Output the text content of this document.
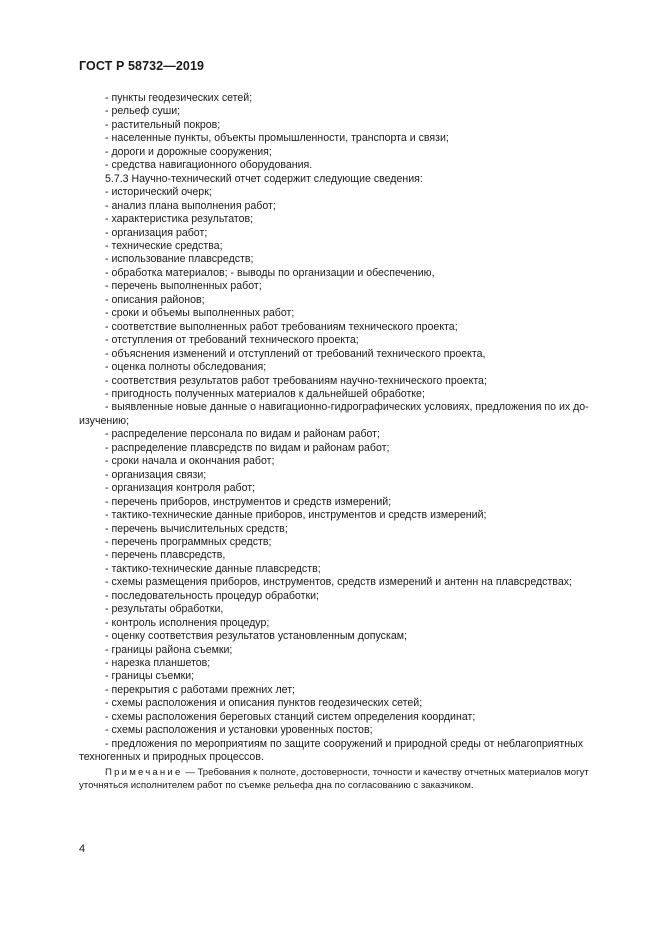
ГОСТ Р 58732—2019
- пункты геодезических сетей;
- рельеф суши;
- растительный покров;
- населенные пункты, объекты промышленности, транспорта и связи;
- дороги и дорожные сооружения;
- средства навигационного оборудования.
5.7.3 Научно-технический отчет содержит следующие сведения:
- исторический очерк;
- анализ плана выполнения работ;
- характеристика результатов;
- организация работ;
- технические средства;
- использование плавсредств;
- обработка материалов; - выводы по организации и обеспечению,
- перечень выполненных работ;
- описания районов;
- сроки и объемы выполненных работ;
- соответствие выполненных работ требованиям технического проекта;
- отступления от требований технического проекта;
- объяснения изменений и отступлений от требований технического проекта,
- оценка полноты обследования;
- соответствия результатов работ требованиям научно-технического проекта;
- пригодность полученных материалов к дальнейшей обработке;
- выявленные новые данные о навигационно-гидрографических условиях, предложения по их до-
изучению;
- распределение персонала по видам и районам работ;
- распределение плавсредств по видам и районам работ;
- сроки начала и окончания работ;
- организация связи;
- организация контроля работ;
- перечень приборов, инструментов и средств измерений;
- тактико-технические данные приборов, инструментов и средств измерений;
- перечень вычислительных средств;
- перечень программных средств;
- перечень плавсредств,
- тактико-технические данные плавсредств;
- схемы размещения приборов, инструментов, средств измерений и антенн на плавсредствах;
- последовательность процедур обработки;
- результаты обработки,
- контроль исполнения процедур;
- оценку соответствия результатов установленным допускам;
- границы района съемки;
- нарезка планшетов;
- границы съемки;
- перекрытия с работами прежних лет;
- схемы расположения и описания пунктов геодезических сетей;
- схемы расположения береговых станций систем определения координат;
- схемы расположения и установки уровенных постов;
- предложения по мероприятиям по защите сооружений и природной среды от неблагоприятных
техногенных и природных процессов.
Примечание — Требования к полноте, достоверности, точности и качеству отчетных материалов могут
уточняться исполнителем работ по съемке рельефа дна по согласованию с заказчиком.
4
